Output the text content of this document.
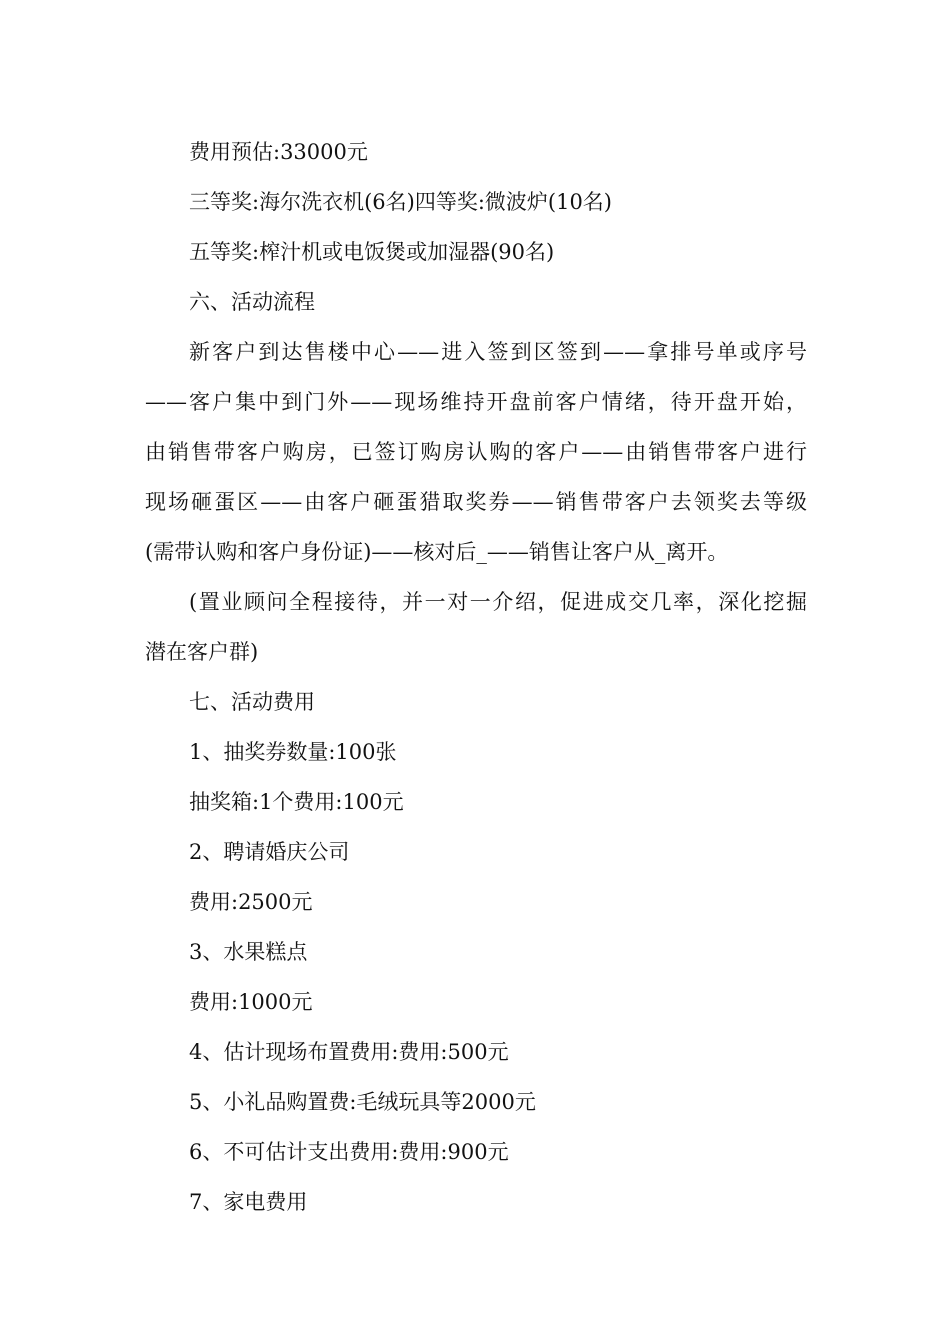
费用预估:33000元
三等奖:海尔洗衣机(6名)四等奖:微波炉(10名)
五等奖:榨汁机或电饭煲或加湿器(90名)
六、活动流程
新客户到达售楼中心——进入签到区签到——拿排号单或序号
——客户集中到门外——现场维持开盘前客户情绪，待开盘开始，
由销售带客户购房，已签订购房认购的客户——由销售带客户进行
现场砸蛋区——由客户砸蛋猎取奖券——销售带客户去领奖去等级
(需带认购和客户身份证)——核对后_——销售让客户从_离开。
(置业顾问全程接待，并一对一介绍，促进成交几率，深化挖掘
潜在客户群)
七、活动费用
1、抽奖券数量:100张
抽奖箱:1个费用:100元
2、聘请婚庆公司
费用:2500元
3、水果糕点
费用:1000元
4、估计现场布置费用:费用:500元
5、小礼品购置费:毛绒玩具等2000元
6、不可估计支出费用:费用:900元
7、家电费用
